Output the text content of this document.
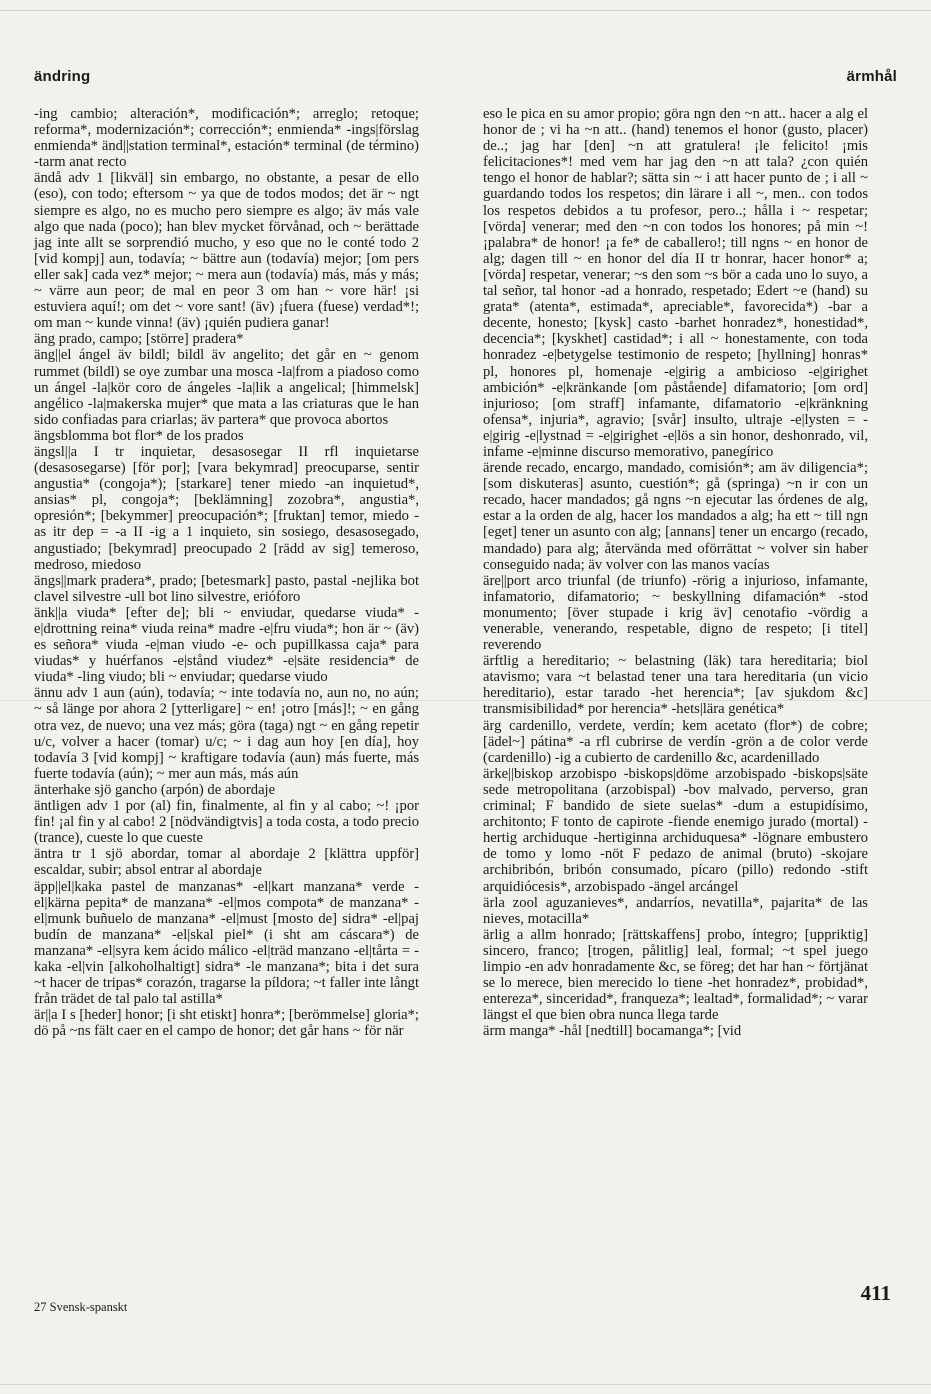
ändring	ärmhål

-ing cambio; alteración*, modificación*; arreglo; retoque; reforma*, modernización*; corrección*; enmienda* -ings|förslag enmienda* änd||station terminal*, estación* terminal (de término) -tarm anat recto

ändå adv 1 [likväl] sin embargo, no obstante, a pesar de ello (eso), con todo; eftersom ~ ya que de todos modos; det är ~ ngt siempre es algo, no es mucho pero siempre es algo; äv más vale algo que nada (poco); han blev mycket förvånad, och ~ berättade jag inte allt se sorprendió mucho, y eso que no le conté todo 2 [vid kompj] aun, todavía; ~ bättre aun (todavía) mejor; [om pers eller sak] cada vez* mejor; ~ mera aun (todavía) más, más y más; ~ värre aun peor; de mal en peor 3 om han ~ vore här! ¡si estuviera aquí!; om det ~ vore sant! (äv) ¡fuera (fuese) verdad*!; om man ~ kunde vinna! (äv) ¡quién pudiera ganar!

äng prado, campo; [större] pradera*

äng||el ángel äv bildl; bildl äv angelito; det går en ~ genom rummet (bildl) se oye zumbar una mosca -la|from a piadoso como un ángel -la|kör coro de ángeles -la|lik a angelical; [himmelsk] angélico -la|makerska mujer* que mata a las criaturas que le han sido confiadas para criarlas; äv partera* que provoca abortos

ängsblomma bot flor* de los prados

ängsl||a I tr inquietar, desasosegar II rfl inquietarse (desasosegarse) [för por]; [vara bekymrad] preocuparse, sentir angustia* (congoja*); [starkare] tener miedo -an inquietud*, ansias* pl, congoja*; [beklämning] zozobra*, angustia*, opresión*; [bekymmer] preocupación*; [fruktan] temor, miedo -as itr dep = -a II -ig a 1 inquieto, sin sosiego, desasosegado, angustiado; [bekymrad] preocupado 2 [rädd av sig] temeroso, medroso, miedoso

ängs||mark pradera*, prado; [betesmark] pasto, pastal -nejlika bot clavel silvestre -ull bot lino silvestre, erióforo

änk||a viuda* [efter de]; bli ~ enviudar, quedarse viuda* -e|drottning reina* viuda reina* madre -e|fru viuda*; hon är ~ (äv) es señora* viuda -e|man viudo -e- och pupillkassa caja* para viudas* y huérfanos -e|stånd viudez* -e|säte residencia* de viuda* -ling viudo; bli ~ enviudar; quedarse viudo

ännu adv 1 aun (aún), todavía; ~ inte todavía no, aun no, no aún; ~ så länge por ahora 2 [ytterligare] ~ en! ¡otro [más]!; ~ en gång otra vez, de nuevo; una vez más; göra (taga) ngt ~ en gång repetir u/c, volver a hacer (tomar) u/c; ~ i dag aun hoy [en día], hoy todavía 3 [vid kompj] ~ kraftigare todavía (aun) más fuerte, más fuerte todavía (aún); ~ mer aun más, más aún

änterhake sjö gancho (arpón) de abordaje

äntligen adv 1 por (al) fin, finalmente, al fin y al cabo; ~! ¡por fin! ¡al fin y al cabo! 2 [nödvändigtvis] a toda costa, a todo precio (trance), cueste lo que cueste

äntra tr 1 sjö abordar, tomar al abordaje 2 [klättra uppför] escaldar, subir; absol entrar al abordaje

äpp||el|kaka pastel de manzanas* -el|kart manzana* verde -el|kärna pepita* de manzana* -el|mos compota* de manzana* -el|munk buñuelo de manzana* -el|must [mosto de] sidra* -el|paj budín de manzana* -el|skal piel* (i sht am cáscara*) de manzana* -el|syra kem ácido málico -el|träd manzano -el|tårta = -kaka -el|vin [alkoholhaltigt] sidra* -le manzana*; bita i det sura ~t hacer de tripas* corazón, tragarse la píldora; ~t faller inte långt från trädet de tal palo tal astilla*

är||a I s [heder] honor; [i sht etiskt] honra*; [berömmelse] gloria*; dö på ~ns fält caer en el campo de honor; det går hans ~ för när

eso le pica en su amor propio; göra ngn den ~n att.. hacer a alg el honor de ; vi ha ~n att.. (hand) tenemos el honor (gusto, placer) de..; jag har [den] ~n att gratulera! ¡le felicito! ¡mis felicitaciones*! med vem har jag den ~n att tala? ¿con quién tengo el honor de hablar?; sätta sin ~ i att hacer punto de ; i all ~ guardando todos los respetos; din lärare i all ~, men.. con todos los respetos debidos a tu profesor, pero..; hålla i ~ respetar; [vörda] venerar; med den ~n con todos los honores; på min ~! ¡palabra* de honor! ¡a fe* de caballero!; till ngns ~ en honor de alg; dagen till ~ en honor del día II tr honrar, hacer honor* a; [vörda] respetar, venerar; ~s den som ~s bör a cada uno lo suyo, a tal señor, tal honor -ad a honrado, respetado; Edert ~e (hand) su grata* (atenta*, estimada*, apreciable*, favorecida*) -bar a decente, honesto; [kysk] casto -barhet honradez*, honestidad*, decencia*; [kyskhet] castidad*; i all ~ honestamente, con toda honradez -e|betygelse testimonio de respeto; [hyllning] honras* pl, honores pl, homenaje -e|girig a ambicioso -e|girighet ambición* -e|kränkande [om påstående] difamatorio; [om ord] injurioso; [om straff] infamante, difamatorio -e|kränkning ofensa*, injuria*, agravio; [svår] insulto, ultraje -e|lysten = -e|girig -e|lystnad = -e|girighet -e|lös a sin honor, deshonrado, vil, infame -e|minne discurso memorativo, panegírico

ärende recado, encargo, mandado, comisión*; am äv diligencia*; [som diskuteras] asunto, cuestión*; gå (springa) ~n ir con un recado, hacer mandados; gå ngns ~n ejecutar las órdenes de alg, estar a la orden de alg, hacer los mandados a alg; ha ett ~ till ngn [eget] tener un asunto con alg; [annans] tener un encargo (recado, mandado) para alg; återvända med oförrättat ~ volver sin haber conseguido nada; äv volver con las manos vacías

äre||port arco triunfal (de triunfo) -rörig a injurioso, infamante, infamatorio, difamatorio; ~ beskyllning difamación* -stod monumento; [över stupade i krig äv] cenotafio -vördig a venerable, venerando, respetable, digno de respeto; [i titel] reverendo

ärftlig a hereditario; ~ belastning (läk) tara hereditaria; biol atavismo; vara ~t belastad tener una tara hereditaria (un vicio hereditario), estar tarado -het herencia*; [av sjukdom &c] transmisibilidad* por herencia* -hets|lära genética*

ärg cardenillo, verdete, verdín; kem acetato (flor*) de cobre; [ädel~] pátina* -a rfl cubrirse de verdín -grön a de color verde (cardenillo) -ig a cubierto de cardenillo &c, acardenillado

ärke||biskop arzobispo -biskops|döme arzobispado -biskops|säte sede metropolitana (arzobispal) -bov malvado, perverso, gran criminal; F bandido de siete suelas* -dum a estupidísimo, architonto; F tonto de capirote -fiende enemigo jurado (mortal) -hertig archiduque -hertiginna archiduquesa* -lögnare embustero de tomo y lomo -nöt F pedazo de animal (bruto) -skojare archibribón, bribón consumado, pícaro (pillo) redondo -stift arquidiócesis*, arzobispado -ängel arcángel

ärla zool aguzanieves*, andarríos, nevatilla*, pajarita* de las nieves, motacilla*

ärlig a allm honrado; [rättskaffens] probo, íntegro; [uppriktig] sincero, franco; [trogen, pålitlig] leal, formal; ~t spel juego limpio -en adv honradamente &c, se föreg; det har han ~ förtjänat se lo merece, bien merecido lo tiene -het honradez*, probidad*, entereza*, sinceridad*, franqueza*; lealtad*, formalidad*; ~ varar längst el que bien obra nunca llega tarde

ärm manga* -hål [nedtill] bocamanga*; [vid

27 Svensk-spanskt
411
